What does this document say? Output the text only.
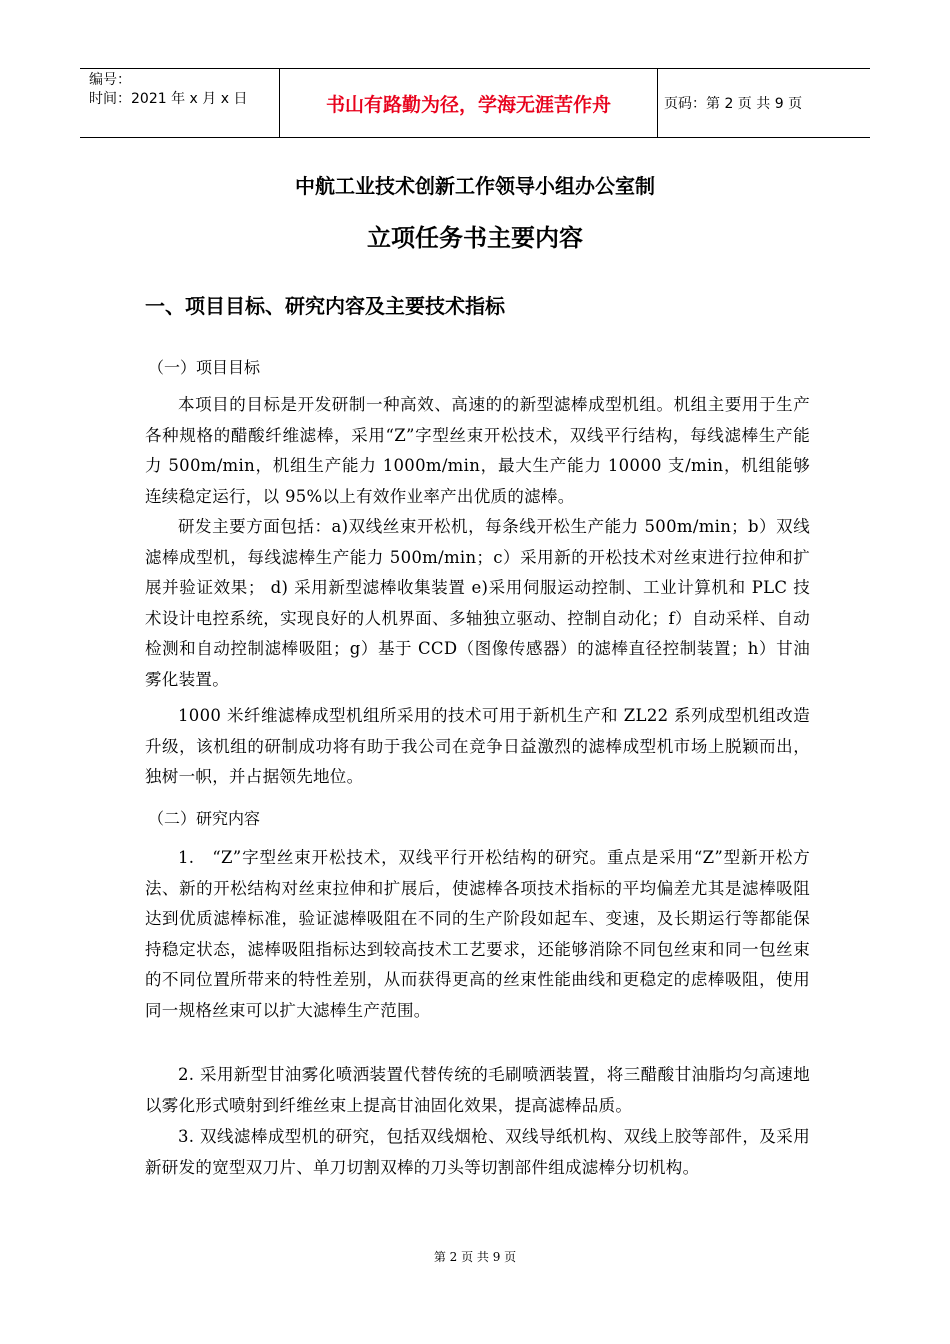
编号：
时间：2021 年 x 月 x 日	书山有路勤为径，学海无涯苦作舟	页码：第 2 页 共 9 页
中航工业技术创新工作领导小组办公室制
立项任务书主要内容
一、项目目标、研究内容及主要技术指标
（一）项目目标

本项目的目标是开发研制一种高效、高速的的新型滤棒成型机组。机组主要用于生产各种规格的醋酸纤维滤棒，采用“Z”字型丝束开松技术，双线平行结构，每线滤棒生产能力 500m/min，机组生产能力 1000m/min，最大生产能力 10000 支/min，机组能够连续稳定运行，以 95%以上有效作业率产出优质的滤棒。

研发主要方面包括：a)双线丝束开松机，每条线开松生产能力 500m/min；b）双线滤棒成型机，每线滤棒生产能力 500m/min；c）采用新的开松技术对丝束进行拉伸和扩展并验证效果； d) 采用新型滤棒收集装置 e)采用伺服运动控制、工业计算机和 PLC 技术设计电控系统，实现良好的人机界面、多轴独立驱动、控制自动化；f）自动采样、自动检测和自动控制滤棒吸阻；g）基于 CCD（图像传感器）的滤棒直径控制装置；h）甘油雾化装置。

1000 米纤维滤棒成型机组所采用的技术可用于新机生产和 ZL22 系列成型机组改造升级，该机组的研制成功将有助于我公司在竞争日益激烈的滤棒成型机市场上脱颖而出，独树一帜，并占据领先地位。

（二）研究内容

1.　“Z”字型丝束开松技术，双线平行开松结构的研究。重点是采用“Z”型新开松方法、新的开松结构对丝束拉伸和扩展后，使滤棒各项技术指标的平均偏差尤其是滤棒吸阻达到优质滤棒标准，验证滤棒吸阻在不同的生产阶段如起车、变速，及长期运行等都能保持稳定状态，滤棒吸阻指标达到较高技术工艺要求，还能够消除不同包丝束和同一包丝束的不同位置所带来的特性差别，从而获得更高的丝束性能曲线和更稳定的虑棒吸阻，使用同一规格丝束可以扩大滤棒生产范围。

2. 采用新型甘油雾化喷洒装置代替传统的毛刷喷洒装置，将三醋酸甘油脂均匀高速地以雾化形式喷射到纤维丝束上提高甘油固化效果，提高滤棒品质。

3. 双线滤棒成型机的研究，包括双线烟枪、双线导纸机构、双线上胶等部件，及采用新研发的宽型双刀片、单刀切割双棒的刀头等切割部件组成滤棒分切机构。

第 2 页 共 9 页
